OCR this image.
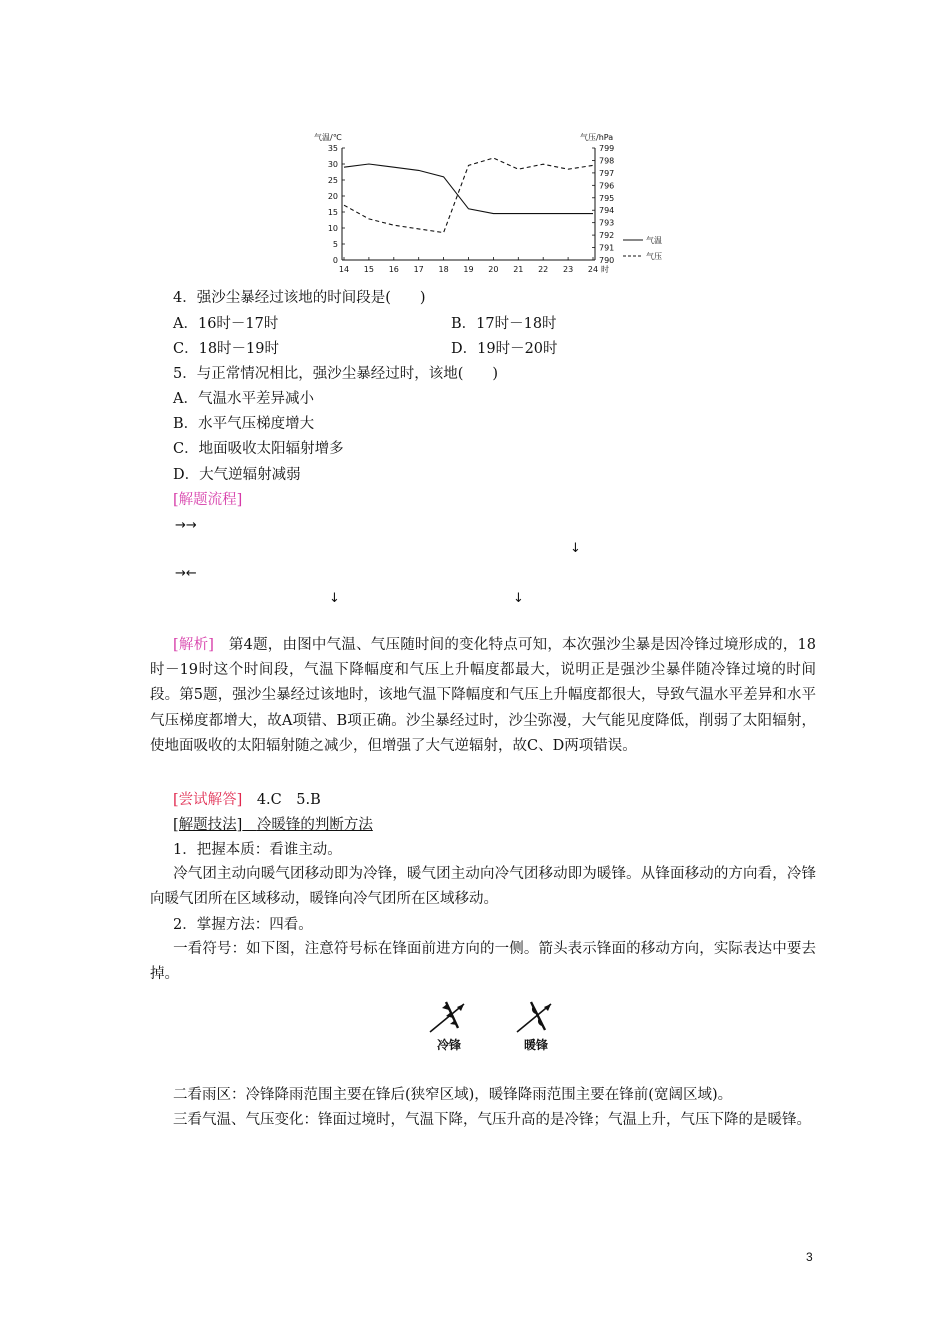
气温/℃	气压/hPa
35
30
25
20
15
10
5
0
799
798
797
796
795
794
793
792
791
790
14 15 16 17 18 19 20 21 22 23 24 时
气温
气压
4．强沙尘暴经过该地的时间段是(　　)
A．16时－17时	B．17时－18时
C．18时－19时	D．19时－20时
5．与正常情况相比，强沙尘暴经过时，该地(　　)
A．气温水平差异减小
B．水平气压梯度增大
C．地面吸收太阳辐射增多
D．大气逆辐射减弱
[解题流程]
→→
↓
→←
↓	↓
[解析]　 第4题，由图中气温、气压随时间的变化特点可知，本次强沙尘暴是因冷锋过境形成的，18时－19时这个时间段，气温下降幅度和气压上升幅度都最大，说明正是强沙尘暴伴随冷锋过境的时间段。第5题，强沙尘暴经过该地时，该地气温下降幅度和气压上升幅度都很大，导致气温水平差异和水平气压梯度都增大，故A项错、B项正确。沙尘暴经过时，沙尘弥漫，大气能见度降低，削弱了太阳辐射，使地面吸收的太阳辐射随之减少，但增强了大气逆辐射，故C、D两项错误。
[尝试解答]　 4.C　5.B
[解题技法]　 冷暖锋的判断方法
1．把握本质：看谁主动。
冷气团主动向暖气团移动即为冷锋，暖气团主动向冷气团移动即为暖锋。从锋面移动的方向看，冷锋向暖气团所在区域移动，暖锋向冷气团所在区域移动。
2．掌握方法：四看。
一看符号：如下图，注意符号标在锋面前进方向的一侧。箭头表示锋面的移动方向，实际表达中要去掉。
冷锋	暖锋
二看雨区：冷锋降雨范围主要在锋后(狭窄区域)，暖锋降雨范围主要在锋前(宽阔区域)。
三看气温、气压变化：锋面过境时，气温下降，气压升高的是冷锋；气温上升，气压下降的是暖锋。
3
